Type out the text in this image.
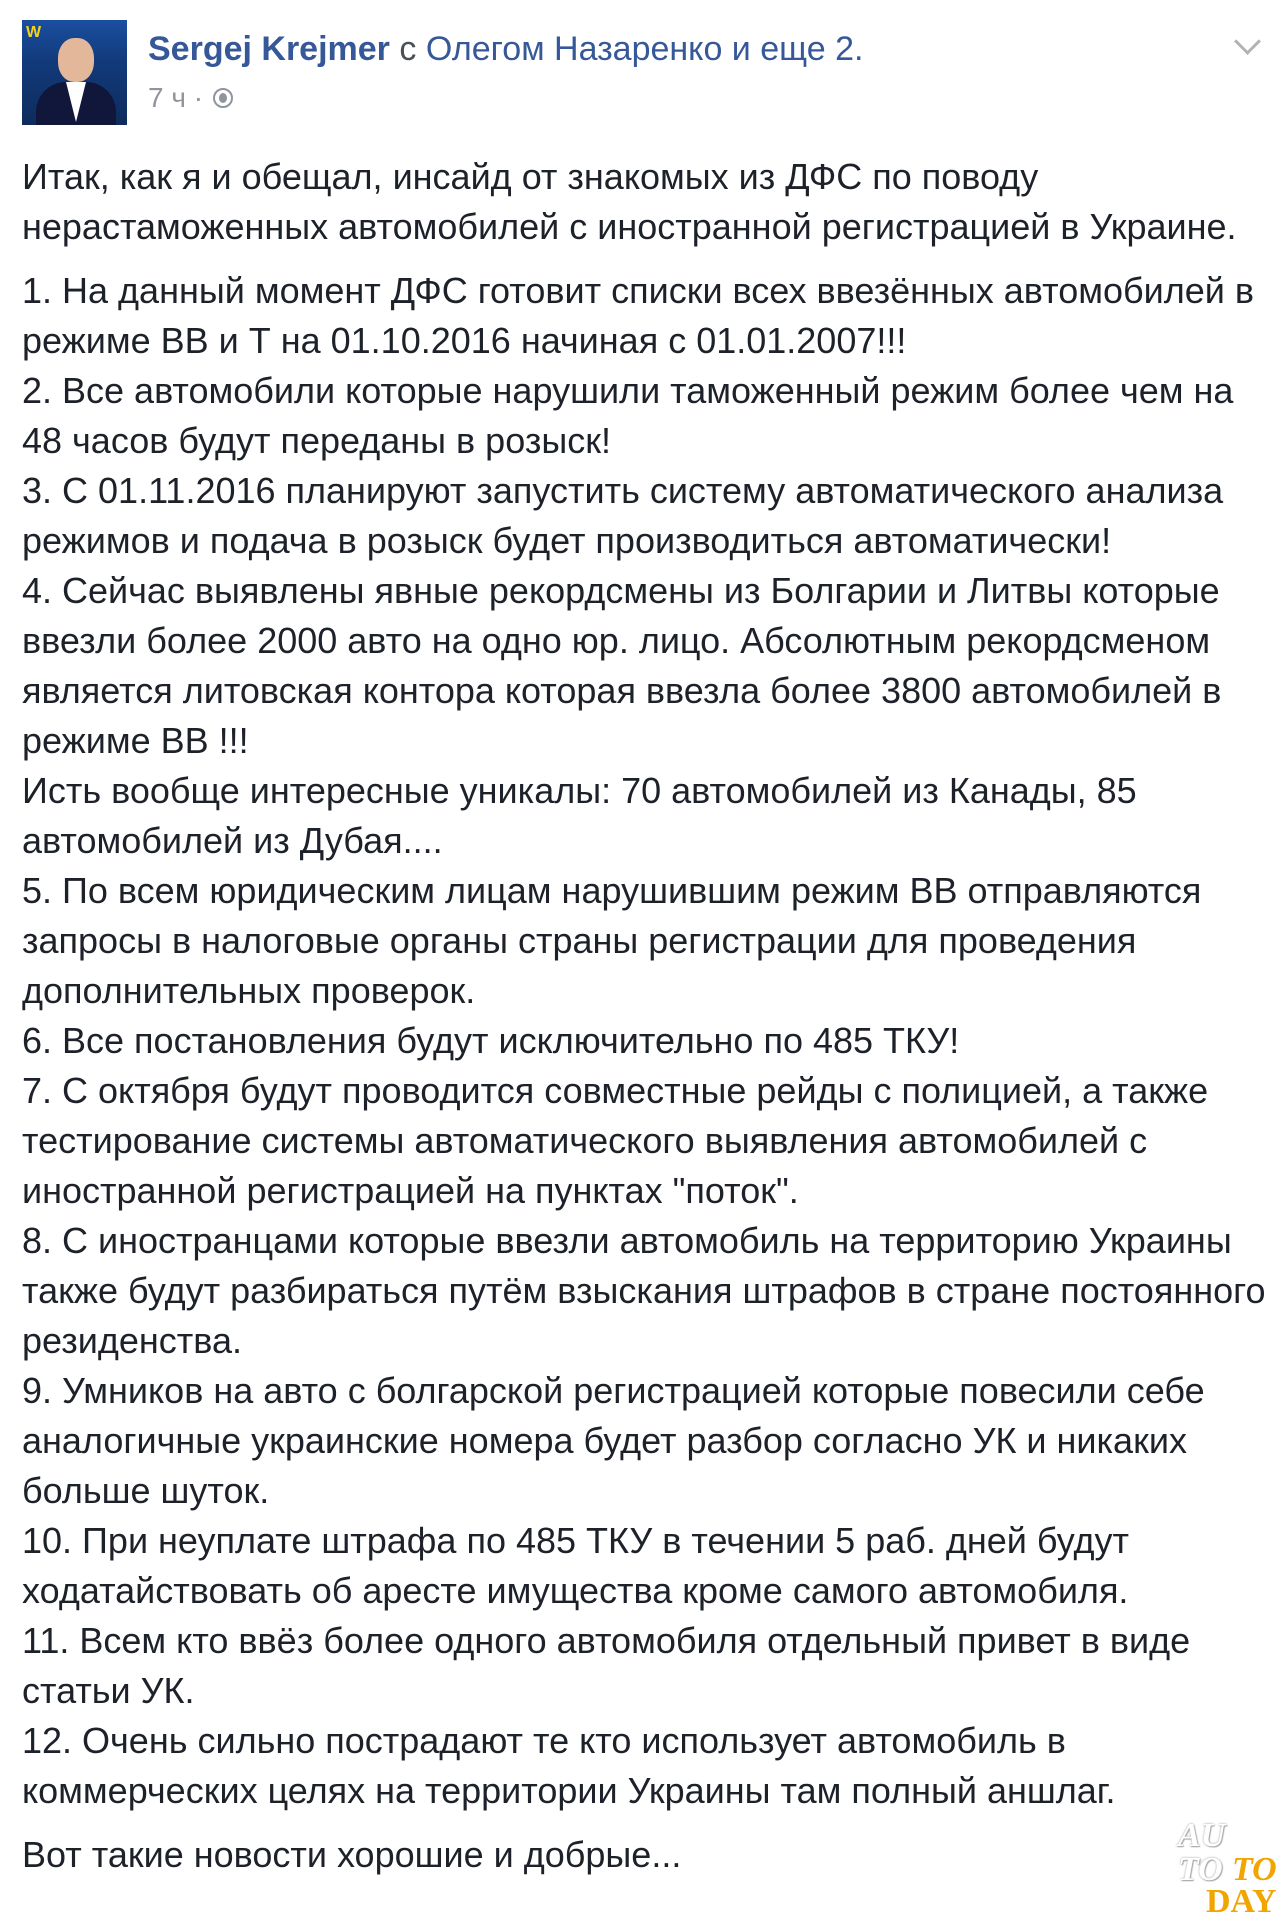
W	Sergej Krejmer с Олегом Назаренко и еще 2.
7 ч ·

Итак, как я и обещал, инсайд от знакомых из ДФС по поводу нерастаможенных автомобилей с иностранной регистрацией в Украине.

1. На данный момент ДФС готовит списки всех ввезённых автомобилей в режиме ВВ и Т на 01.10.2016 начиная с 01.01.2007!!!

2. Все автомобили которые нарушили таможенный режим более чем на 48 часов будут переданы в розыск!

3. С 01.11.2016 планируют запустить систему автоматического анализа режимов и подача в розыск будет производиться автоматически!

4. Сейчас выявлены явные рекордсмены из Болгарии и Литвы которые ввезли более 2000 авто на одно юр. лицо. Абсолютным рекордсменом является литовская контора которая ввезла более 3800 автомобилей в режиме ВВ !!!

Исть вообще интересные уникалы: 70 автомобилей из Канады, 85 автомобилей из Дубая....

5. По всем юридическим лицам нарушившим режим ВВ отправляются запросы в налоговые органы страны регистрации для проведения дополнительных проверок.

6. Все постановления будут исключительно по 485 ТКУ!

7. С октября будут проводится совместные рейды с полицией, а также тестирование системы автоматического выявления автомобилей с иностранной регистрацией на пунктах "поток".

8. С иностранцами которые ввезли автомобиль на территорию Украины также будут разбираться путём взыскания штрафов в стране постоянного резиденства.

9. Умников на авто с болгарской регистрацией которые повесили себе аналогичные украинские номера будет разбор согласно УК и никаких больше шуток.

10. При неуплате штрафа по 485 ТКУ в течении 5 раб. дней будут ходатайствовать об аресте имущества кроме самого автомобиля.

11. Всем кто ввёз более одного автомобиля отдельный привет в виде статьи УК.

12. Очень сильно пострадают те кто использует автомобиль в коммерческих целях на территории Украины там полный аншлаг.

Вот такие новости хорошие и добрые...	AU
TO TO
DAY
